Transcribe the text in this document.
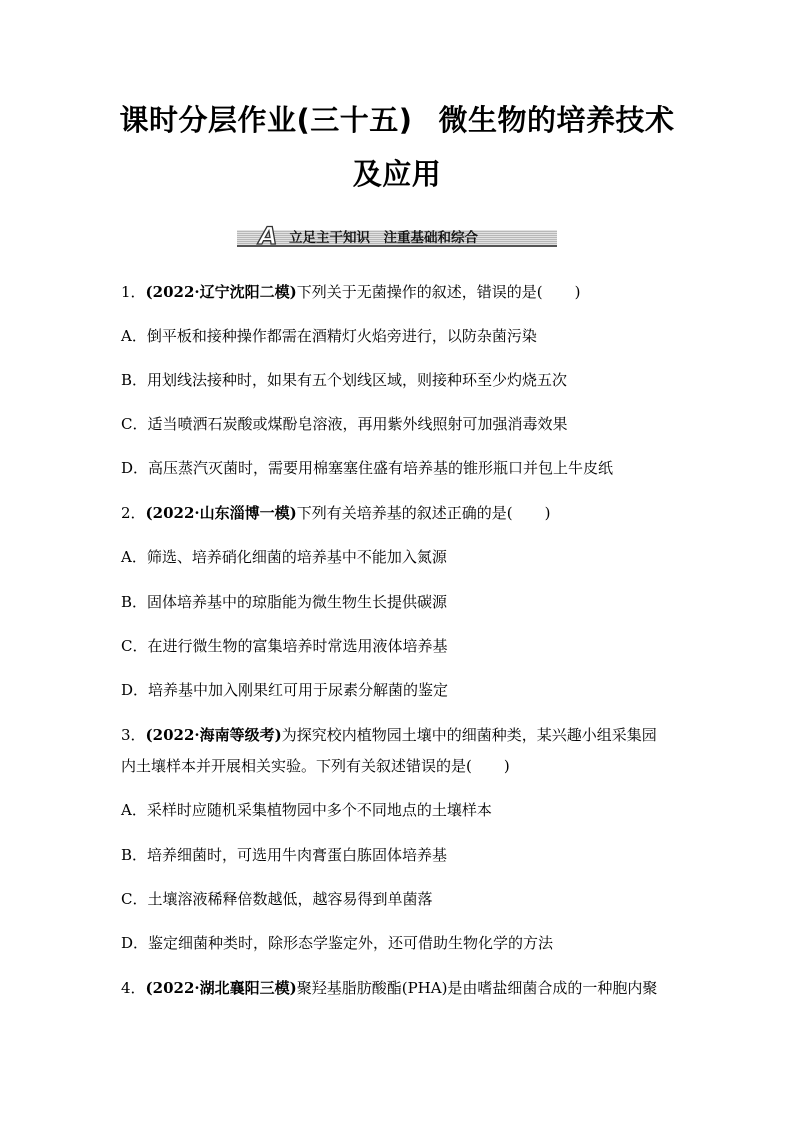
课时分层作业(三十五) 微生物的培养技术
及应用
A 立足主干知识　注重基础和综合
1．(2022·辽宁沈阳二模)下列关于无菌操作的叙述，错误的是( )
A．倒平板和接种操作都需在酒精灯火焰旁进行，以防杂菌污染
B．用划线法接种时，如果有五个划线区域，则接种环至少灼烧五次
C．适当喷洒石炭酸或煤酚皂溶液，再用紫外线照射可加强消毒效果
D．高压蒸汽灭菌时，需要用棉塞塞住盛有培养基的锥形瓶口并包上牛皮纸
2．(2022·山东淄博一模)下列有关培养基的叙述正确的是( )
A．筛选、培养硝化细菌的培养基中不能加入氮源
B．固体培养基中的琼脂能为微生物生长提供碳源
C．在进行微生物的富集培养时常选用液体培养基
D．培养基中加入刚果红可用于尿素分解菌的鉴定
3．(2022·海南等级考)为探究校内植物园土壤中的细菌种类，某兴趣小组采集园
内土壤样本并开展相关实验。下列有关叙述错误的是( )
A．采样时应随机采集植物园中多个不同地点的土壤样本
B．培养细菌时，可选用牛肉膏蛋白胨固体培养基
C．土壤溶液稀释倍数越低，越容易得到单菌落
D．鉴定细菌种类时，除形态学鉴定外，还可借助生物化学的方法
4．(2022·湖北襄阳三模)聚羟基脂肪酸酯(PHA)是由嗜盐细菌合成的一种胞内聚
